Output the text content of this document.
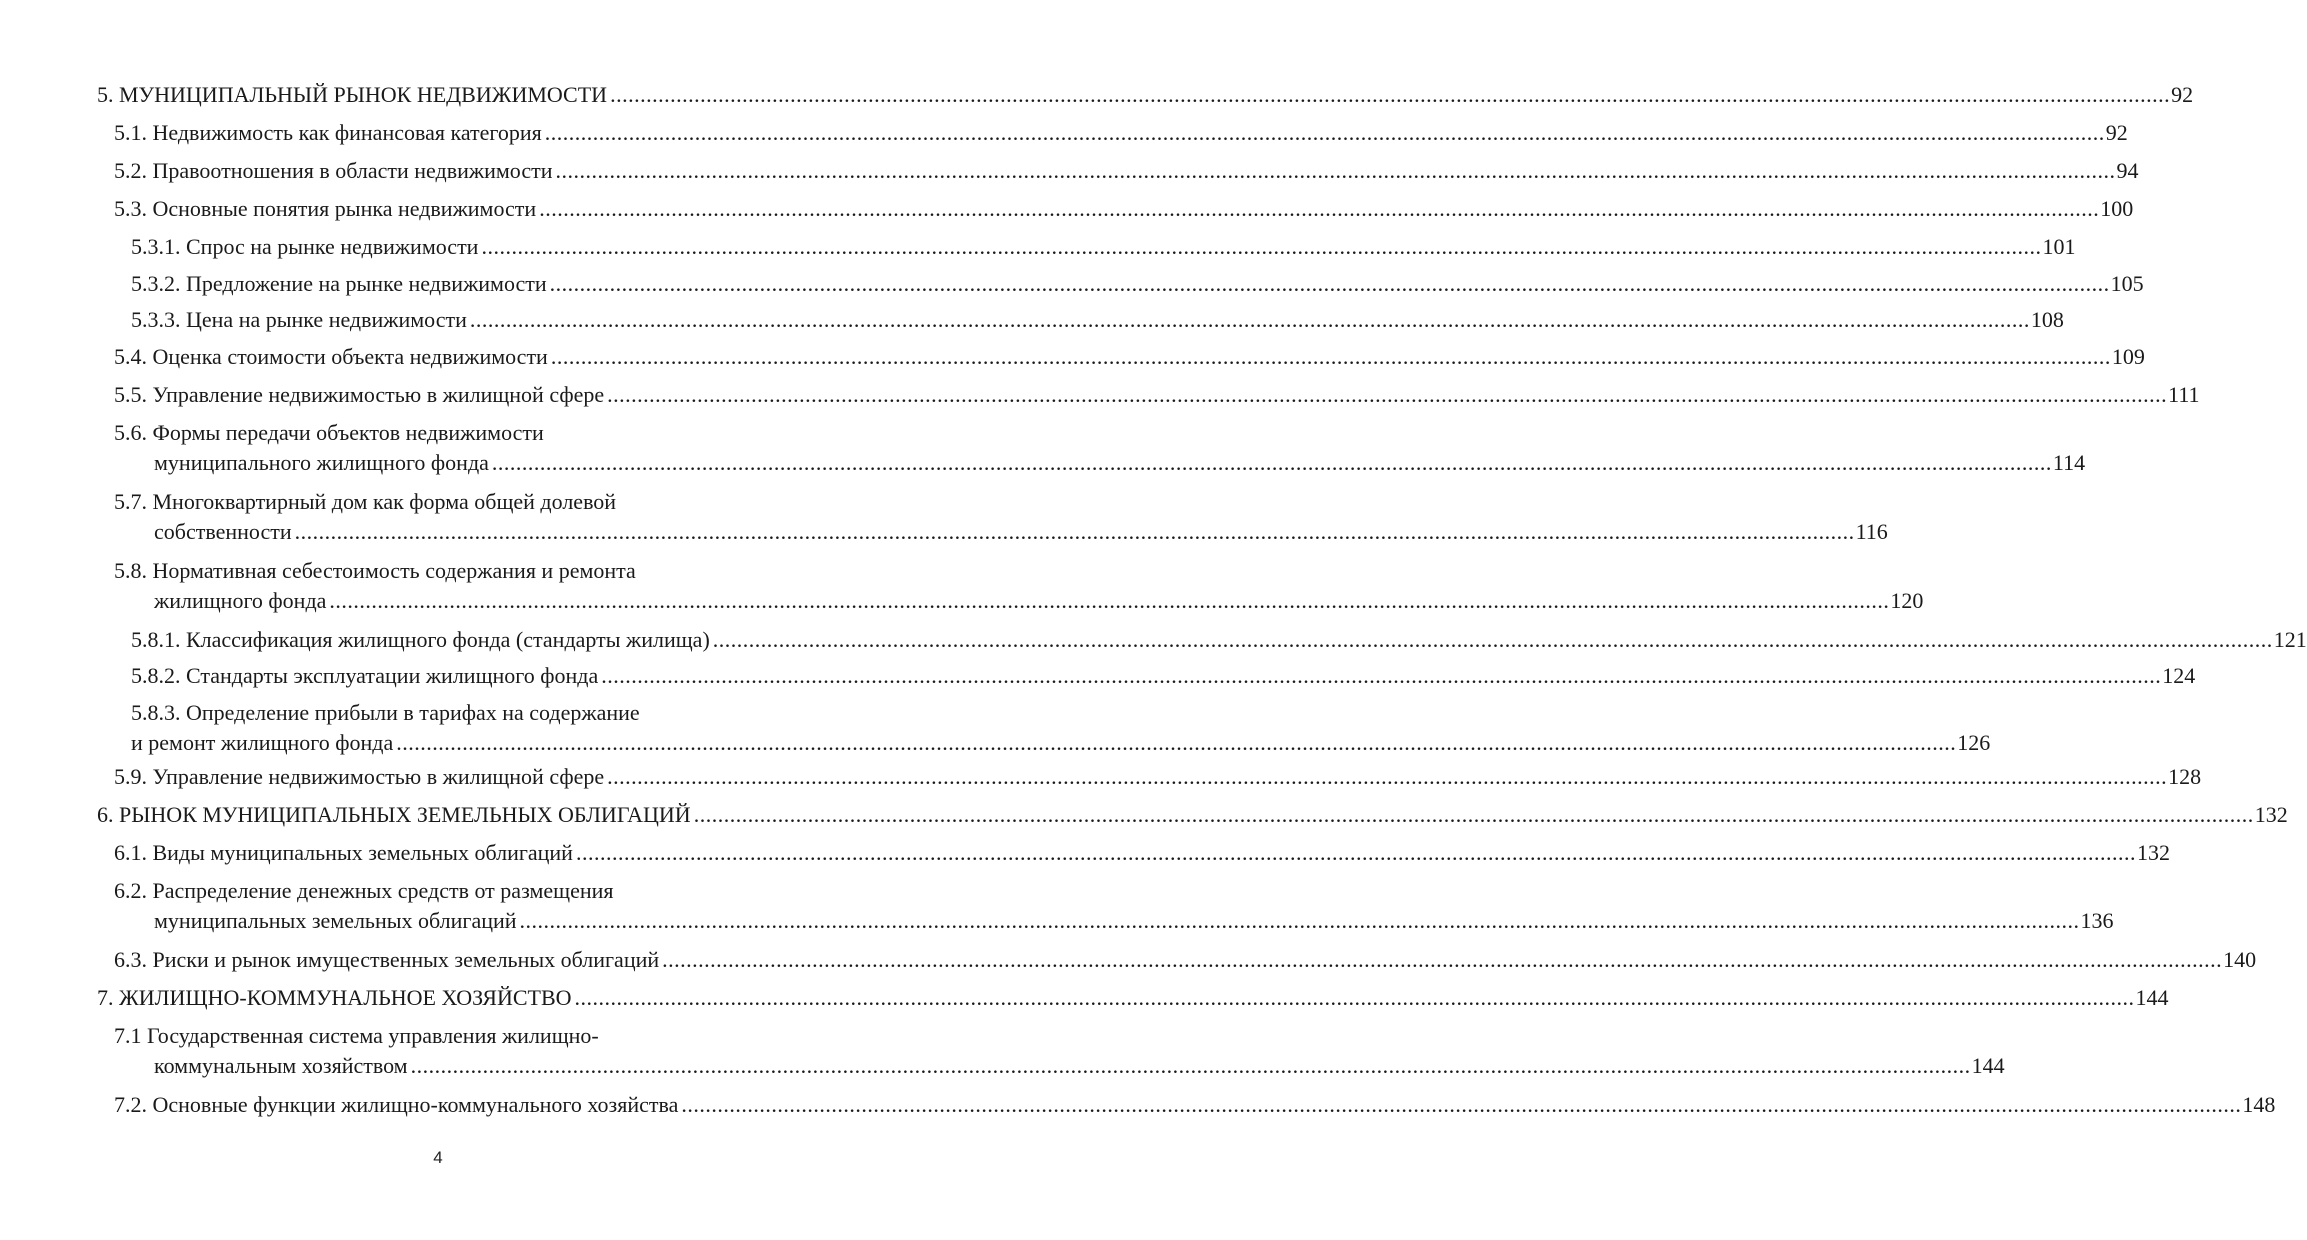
5. МУНИЦИПАЛЬНЫЙ РЫНОК НЕДВИЖИМОСТИ .................................................................................................................................................................................................................................................................... 92
5.1. Недвижимость как финансовая категория .................................................................................................................................................................................................................................................................... 92
5.2. Правоотношения в области недвижимости .................................................................................................................................................................................................................................................................... 94
5.3. Основные понятия рынка недвижимости .................................................................................................................................................................................................................................................................... 100
5.3.1. Спрос на рынке недвижимости .................................................................................................................................................................................................................................................................... 101
5.3.2. Предложение на рынке недвижимости .................................................................................................................................................................................................................................................................... 105
5.3.3. Цена на рынке недвижимости .................................................................................................................................................................................................................................................................... 108
5.4. Оценка стоимости объекта недвижимости .................................................................................................................................................................................................................................................................... 109
5.5. Управление недвижимостью в жилищной сфере .................................................................................................................................................................................................................................................................... 111
5.6. Формы передачи объектов недвижимости
муниципального жилищного фонда .................................................................................................................................................................................................................................................................... 114
5.7. Многоквартирный дом как форма общей долевой
собственности .................................................................................................................................................................................................................................................................... 116
5.8. Нормативная себестоимость содержания и ремонта
жилищного фонда .................................................................................................................................................................................................................................................................... 120
5.8.1. Классификация жилищного фонда (стандарты жилища) .................................................................................................................................................................................................................................................................... 121
5.8.2. Стандарты эксплуатации жилищного фонда .................................................................................................................................................................................................................................................................... 124
5.8.3. Определение прибыли в тарифах на содержание
и ремонт жилищного фонда .................................................................................................................................................................................................................................................................... 126
5.9. Управление недвижимостью в жилищной сфере .................................................................................................................................................................................................................................................................... 128
6. РЫНОК МУНИЦИПАЛЬНЫХ ЗЕМЕЛЬНЫХ ОБЛИГАЦИЙ .................................................................................................................................................................................................................................................................... 132
6.1. Виды муниципальных земельных облигаций .................................................................................................................................................................................................................................................................... 132
6.2. Распределение денежных средств от размещения
муниципальных земельных облигаций .................................................................................................................................................................................................................................................................... 136
6.3. Риски и рынок имущественных земельных облигаций .................................................................................................................................................................................................................................................................... 140
7. ЖИЛИЩНО-КОММУНАЛЬНОЕ ХОЗЯЙСТВО .................................................................................................................................................................................................................................................................... 144
7.1 Государственная система управления жилищно-
коммунальным хозяйством .................................................................................................................................................................................................................................................................... 144
7.2. Основные функции жилищно-коммунального хозяйства .................................................................................................................................................................................................................................................................... 148
4
